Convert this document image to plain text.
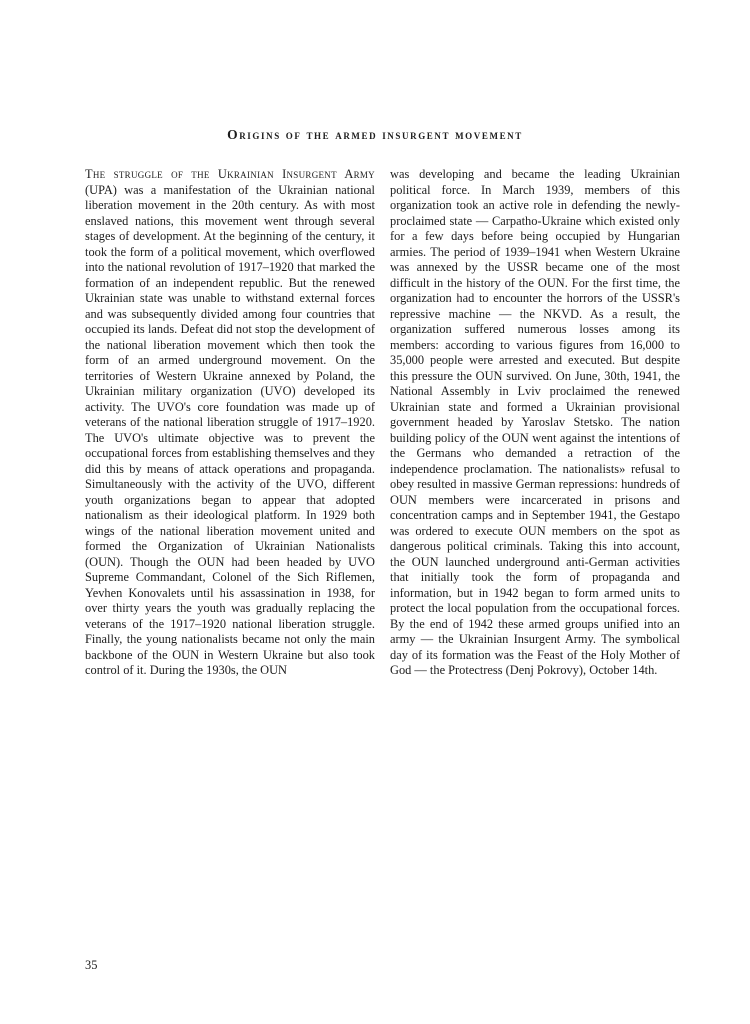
Origins of the armed insurgent movement

The struggle of the Ukrainian Insurgent Army (UPA) was a manifestation of the Ukrainian national liberation movement in the 20th century. As with most enslaved nations, this movement went through several stages of development. At the beginning of the century, it took the form of a political movement, which overflowed into the national revolution of 1917–1920 that marked the formation of an independent republic. But the renewed Ukrainian state was unable to withstand external forces and was subsequently divided among four countries that occupied its lands. Defeat did not stop the development of the national liberation movement which then took the form of an armed underground movement. On the territories of Western Ukraine annexed by Poland, the Ukrainian military organization (UVO) developed its activity. The UVO's core foundation was made up of veterans of the national liberation struggle of 1917–1920. The UVO's ultimate objective was to prevent the occupational forces from establishing themselves and they did this by means of attack operations and propaganda. Simultaneously with the activity of the UVO, different youth organizations began to appear that adopted nationalism as their ideological platform. In 1929 both wings of the national liberation movement united and formed the Organization of Ukrainian Nationalists (OUN). Though the OUN had been headed by UVO Supreme Commandant, Colonel of the Sich Riflemen, Yevhen Konovalets until his assassination in 1938, for over thirty years the youth was gradually replacing the veterans of the 1917–1920 national liberation struggle. Finally, the young nationalists became not only the main backbone of the OUN in Western Ukraine but also took control of it. During the 1930s, the OUN

was developing and became the leading Ukrainian political force. In March 1939, members of this organization took an active role in defending the newly-proclaimed state — Carpatho-Ukraine which existed only for a few days before being occupied by Hungarian armies. The period of 1939–1941 when Western Ukraine was annexed by the USSR became one of the most difficult in the history of the OUN. For the first time, the organization had to encounter the horrors of the USSR's repressive machine — the NKVD. As a result, the organization suffered numerous losses among its members: according to various figures from 16,000 to 35,000 people were arrested and executed. But despite this pressure the OUN survived. On June, 30th, 1941, the National Assembly in Lviv proclaimed the renewed Ukrainian state and formed a Ukrainian provisional government headed by Yaroslav Stetsko. The nation building policy of the OUN went against the intentions of the Germans who demanded a retraction of the independence proclamation. The nationalists» refusal to obey resulted in massive German repressions: hundreds of OUN members were incarcerated in prisons and concentration camps and in September 1941, the Gestapo was ordered to execute OUN members on the spot as dangerous political criminals. Taking this into account, the OUN launched underground anti-German activities that initially took the form of propaganda and information, but in 1942 began to form armed units to protect the local population from the occupational forces. By the end of 1942 these armed groups unified into an army — the Ukrainian Insurgent Army. The symbolical day of its formation was the Feast of the Holy Mother of God — the Protectress (Denj Pokrovy), October 14th.

35
